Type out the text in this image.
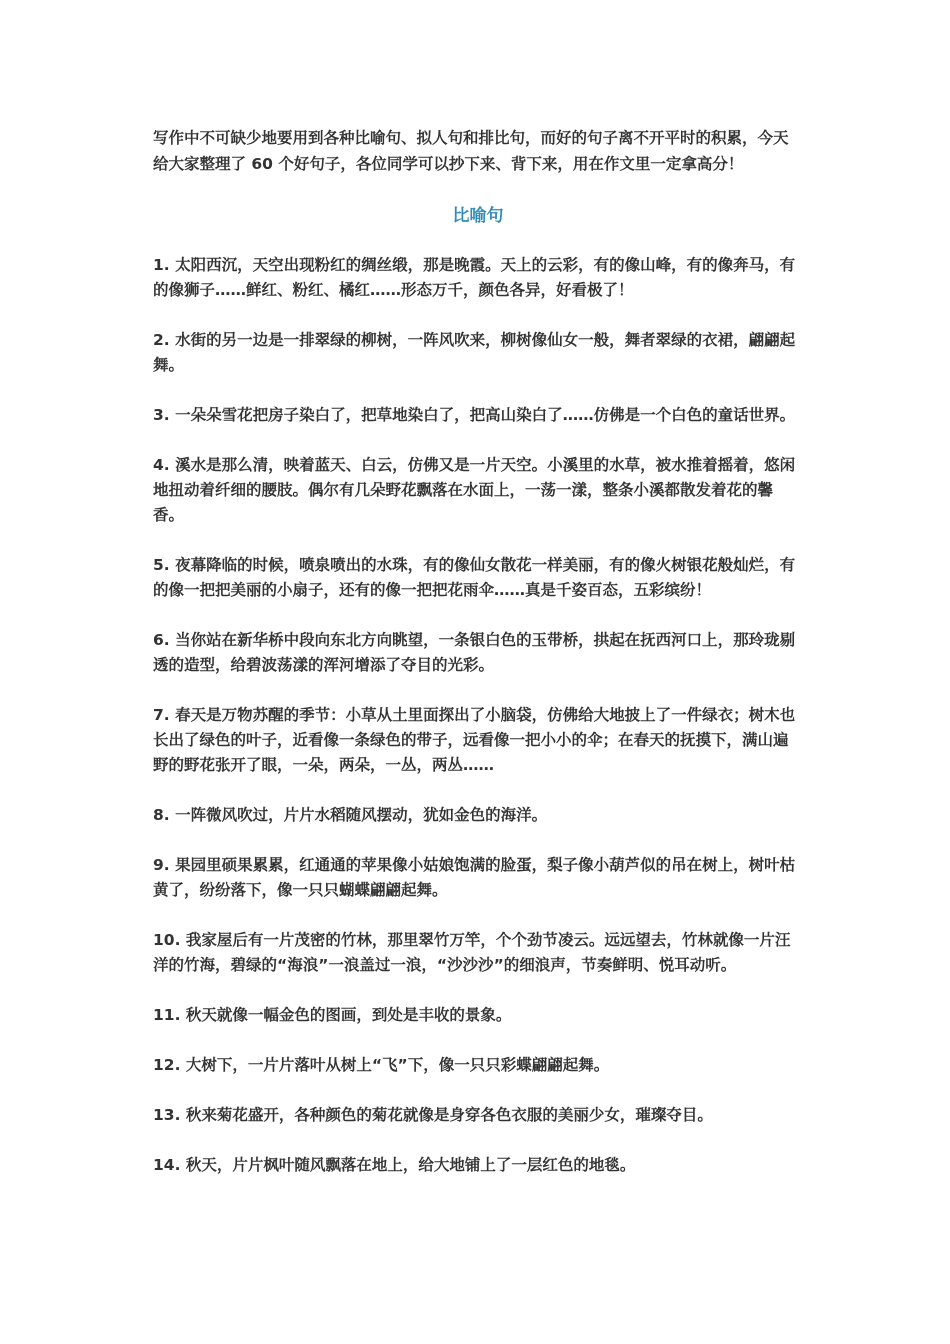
写作中不可缺少地要用到各种比喻句、拟人句和排比句，而好的句子离不开平时的积累，今天给大家整理了 60 个好句子，各位同学可以抄下来、背下来，用在作文里一定拿高分！

比喻句
1. 太阳西沉，天空出现粉红的绸丝缎，那是晚霞。天上的云彩，有的像山峰，有的像奔马，有的像狮子……鲜红、粉红、橘红……形态万千，颜色各异，好看极了！
2. 水街的另一边是一排翠绿的柳树，一阵风吹来，柳树像仙女一般，舞者翠绿的衣裙，翩翩起舞。
3. 一朵朵雪花把房子染白了，把草地染白了，把高山染白了……仿佛是一个白色的童话世界。
4. 溪水是那么清，映着蓝天、白云，仿佛又是一片天空。小溪里的水草，被水推着摇着，悠闲地扭动着纤细的腰肢。偶尔有几朵野花飘落在水面上，一荡一漾，整条小溪都散发着花的馨香。
5. 夜幕降临的时候，喷泉喷出的水珠，有的像仙女散花一样美丽，有的像火树银花般灿烂，有的像一把把美丽的小扇子，还有的像一把把花雨伞……真是千姿百态，五彩缤纷！
6. 当你站在新华桥中段向东北方向眺望，一条银白色的玉带桥，拱起在抚西河口上，那玲珑剔透的造型，给碧波荡漾的浑河增添了夺目的光彩。
7. 春天是万物苏醒的季节：小草从土里面探出了小脑袋，仿佛给大地披上了一件绿衣；树木也长出了绿色的叶子，近看像一条绿色的带子，远看像一把小小的伞；在春天的抚摸下，满山遍野的野花张开了眼，一朵，两朵，一丛，两丛……
8. 一阵微风吹过，片片水稻随风摆动，犹如金色的海洋。
9. 果园里硕果累累，红通通的苹果像小姑娘饱满的脸蛋，梨子像小葫芦似的吊在树上，树叶枯黄了，纷纷落下，像一只只蝴蝶翩翩起舞。
10. 我家屋后有一片茂密的竹林，那里翠竹万竿，个个劲节凌云。远远望去，竹林就像一片汪洋的竹海，碧绿的“海浪”一浪盖过一浪，“沙沙沙”的细浪声，节奏鲜明、悦耳动听。
11. 秋天就像一幅金色的图画，到处是丰收的景象。
12. 大树下，一片片落叶从树上“飞”下，像一只只彩蝶翩翩起舞。
13. 秋来菊花盛开，各种颜色的菊花就像是身穿各色衣服的美丽少女，璀璨夺目。
14. 秋天，片片枫叶随风飘落在地上，给大地铺上了一层红色的地毯。
